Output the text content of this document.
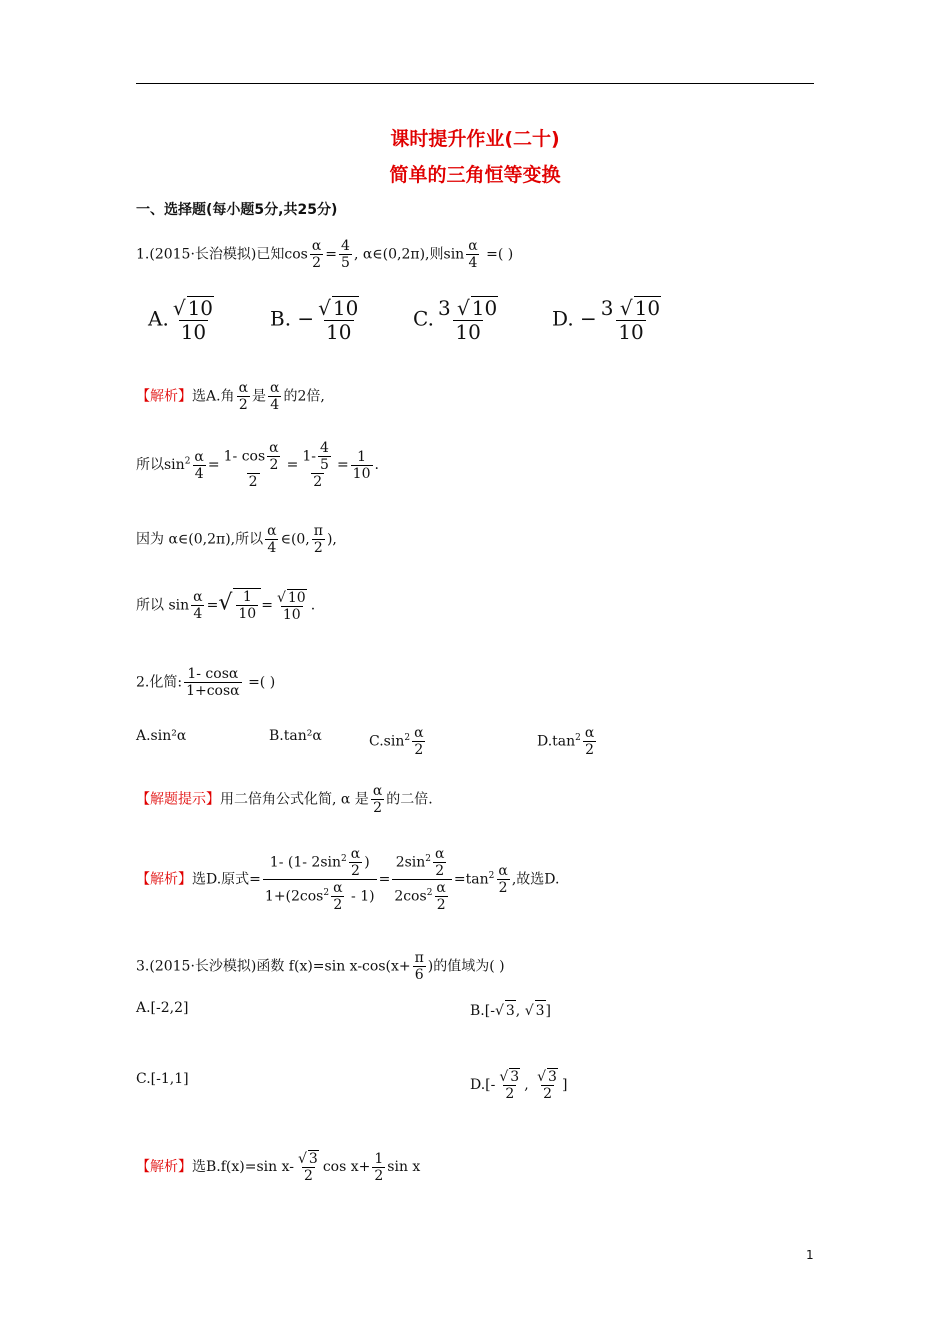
课时提升作业(二十)
简单的三角恒等变换
一、选择题(每小题5分,共25分)
1.(2015·长治模拟)已知$\cos \frac{\alpha}{2} = \frac{4}{5}$ , α∈(0,2π),则$\sin \frac{\alpha}{4}$ =( )
A. $\frac{√ 10}{10}$	B. − $\frac{√ 10}{10}$	C. $\frac{3 √ 10}{10}$	D. − $\frac{3 √ 10}{10}$
【解析】选A.角 $\frac{\alpha}{2}$ 是 $\frac{\alpha}{4}$ 的2倍,
所以$\sin^2 \frac{\alpha}{4} = \frac{1- \cos \frac{\alpha}{2}}{2} = \frac{1- \frac{4}{5}}{2} = \frac{1}{10}$ .
因为 α∈(0,2π),所以 $\frac{\alpha}{4}$ ∈(0, $\frac{\pi}{2}$ ),
所以 $\sin \frac{\alpha}{4}$ =√ $\frac{1}{10} = \frac{√ 10}{10}$ .
2.化简: $\frac{1- \cos\alpha}{1+\cos\alpha}$ =( )
A.sin²α	B.tan²α	$C.\sin^2 \frac{\alpha}{2}$	$D.\tan^2 \frac{\alpha}{2}$
【解题提示】用二倍角公式化简, α 是 $\frac{\alpha}{2}$ 的二倍.
【解析】选D.原式= $\frac{1- (1- 2\sin^2 \frac{\alpha}{2} )}{1+(2\cos^2 \frac{\alpha}{2} - 1)} = \frac{2\sin^2 \frac{\alpha}{2}}{2\cos^2 \frac{\alpha}{2}} =\tan^2 \frac{\alpha}{2}$ ,故选D.
3.(2015·长沙模拟)函数 f(x)=sin $x-\cos(x+ \frac{\pi}{6}$ )的值域为( )
A.[-2,2]	B.[-√ 3, √ 3]
C.[-1,1]	$D.[- \frac{√ 3}{2}$ , $\frac{√ 3}{2}$ ]
【解析】选B.f(x)=sin $x- \frac{√ 3}{2}$ $\cos x+ \frac{1}{2}$ sin x
1
